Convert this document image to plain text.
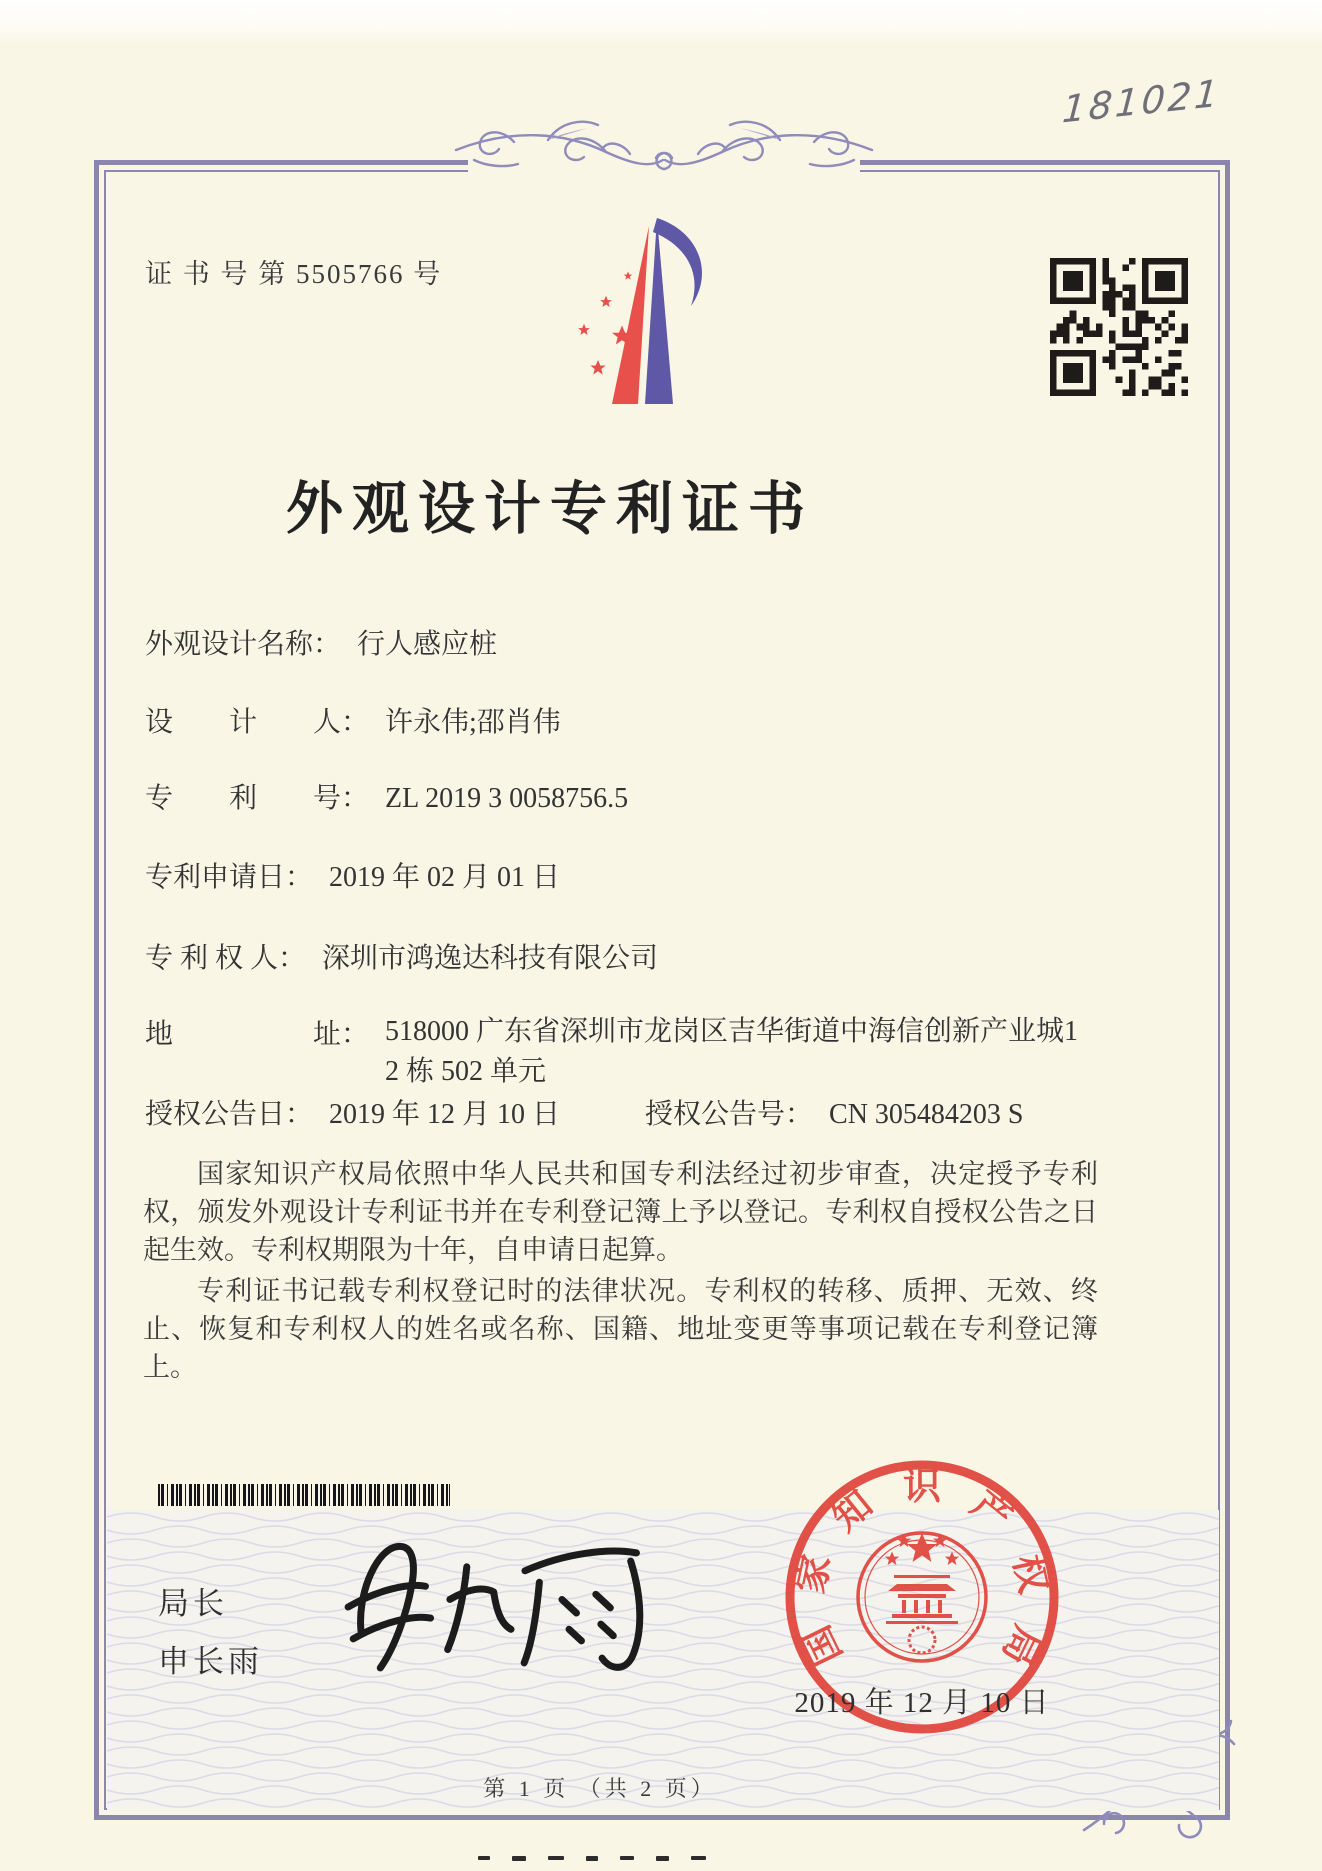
181021
证 书 号 第 5505766 号
外观设计专利证书
外观设计名称： 行人感应桩
设　　计　　人： 许永伟;邵肖伟
专　　利　　号： ZL 2019 3 0058756.5
专利申请日： 2019 年 02 月 01 日
专 利 权 人： 深圳市鸿逸达科技有限公司
地　　　　　址： 518000 广东省深圳市龙岗区吉华街道中海信创新产业城1
2 栋 502 单元
授权公告日： 2019 年 12 月 10 日	授权公告号： CN 305484203 S
国家知识产权局依照中华人民共和国专利法经过初步审查，决定授予专利权，颁发外观设计专利证书并在专利登记簿上予以登记。专利权自授权公告之日起生效。专利权期限为十年，自申请日起算。
专利证书记载专利权登记时的法律状况。专利权的转移、质押、无效、终止、恢复和专利权人的姓名或名称、国籍、地址变更等事项记载在专利登记簿上。
局长
申长雨	国
家
知 识 产
权
局
2019 年 12 月 10 日
第 1 页 （共 2 页）
